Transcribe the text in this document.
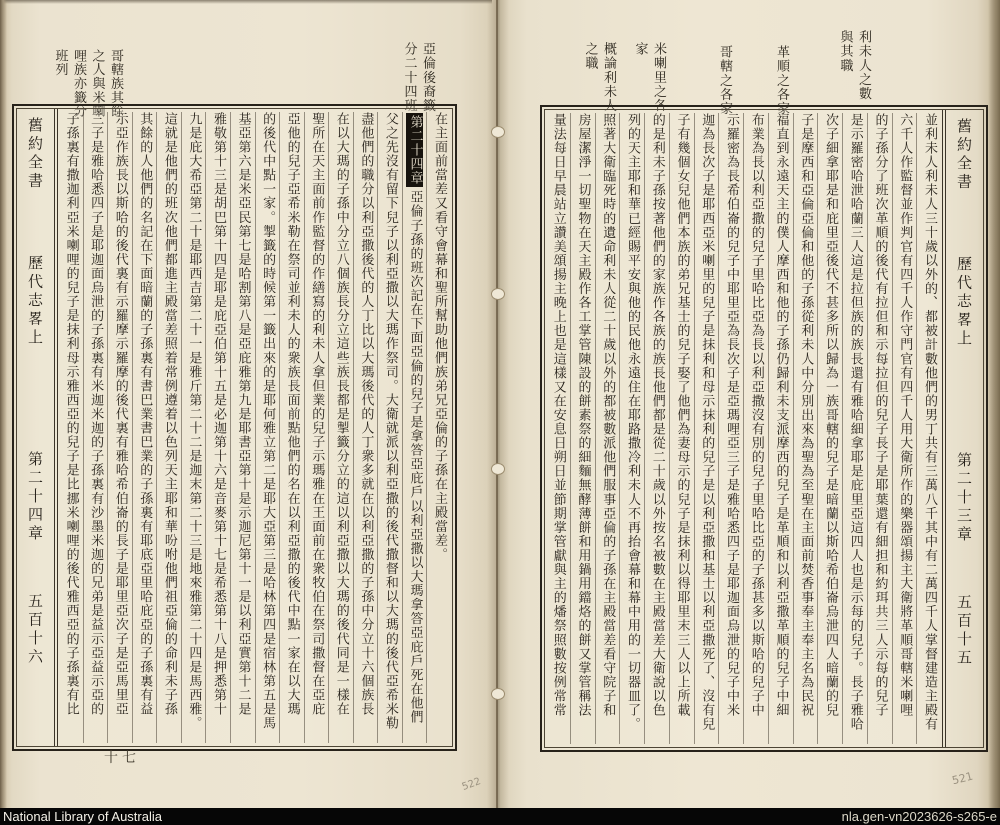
亞倫後裔籤分二十四班
哥轄族其餘之人與米喇哩族亦籤分班列
舊約全書
歷代志畧上
第二十四章
五百十六
在主面前當差又看守會幕和聖所幫助他們族弟兄亞倫的子孫在主殿當差。
第二十四章亞倫子孫的班次記在下面亞倫的兒子是拿答亞庇戶以利亞撒以大瑪拿答亞庇戶死在他們
父之先沒有留下兒子以利亞撒以大瑪作祭司。大衛就派以利亞撒的後代撒督和以大瑪的後代亞希米勒
盡他們的職分以利亞撒後代的人丁比以大瑪後代的人丁衆多就在以利亞撒的子孫中分立十六個族長
在以大瑪的子孫中分立八個族長分立這些族長都是掣籤分立的這以利亞撒以大瑪的後代同是一樣在
聖所在天主面前作監督的作繕寫的利未人拿但業的兒子示瑪雅在王面前在衆牧伯在祭司撒督在亞庇
亞他的兒子亞希米勒在祭司並利未人的衆族長面前點他們的名在以利亞撒的後代中點一家在以大瑪
的後代中點一家。掣籤的時候第一籤出來的是耶何雅立第二是耶大亞第三是哈林第四是宿林第五是馬
基亞第六是米亞民第七是哈割第八是亞庇雅第九是耶書亞第十是示迦尼第十一是以利亞實第十二是
雅敬第十三是胡巴第十四是耶是庇亞伯第十五是必迦第十六是音麥第十七是希悉第十八是押悉第十
九是庇大希亞第二十是耶西吉第二十一是雅斤第二十二是迦末第二十三是地來雅第二十四是馬西雅。
這就是他們的班次他們都進主殿當差照着常例遵着以色列天主耶和華吩咐他們祖亞倫的命利未子孫
其餘的人他們的名記在下面暗蘭的子孫裏有書巴業書巴業的子孫裏有耶底亞里哈庇亞的子孫裏有益
示亞作族長以斯哈的後代裏有示羅摩示羅摩的後代裏有雅哈希伯崙的長子是耶里亞次子是亞馬里亞
三子是雅哈悉四子是耶迦面烏泄的子孫裏有米迦米迦的子孫裏有沙墨米迦的兄弟是益示亞益示亞的
子孫裏有撒迦利亞米喇哩的兒子是抹利母示雅西亞的兒子是比挪米喇哩的後代雅西亞的子孫裏有比
十七
522
利未人之數與其職
革順之各家
哥轄之各家
米喇里之各家
概論利未人之職
並利未人利未人三十歲以外的、都被計數他們的男丁共有三萬八千其中有二萬四千人掌督建造主殿有
六千人作監督並作判官有四千人作守門官有四千人用大衛所作的樂器頌揚主大衛將革順哥轄米喇哩
的子孫分了班次革順的後代有拉但和示每拉但的兒子長子是耶葉還有細担和約珥共三人示每的兒子
是示羅密哈泄哈蘭三人這是拉但族的族長還有雅哈細拿耶是庇里亞這四人也是示每的兒子。長子雅哈
次子細拿耶是和庇里亞後代不甚多所以歸為一族哥轄的兒子是暗蘭以斯哈希伯崙烏泄四人暗蘭的兒
子是摩西和亞倫亞倫和他的子孫從利未人中分別出來為聖為至聖在主面前焚香事奉主奉主名為民祝
福直到永遠天主的僕人摩西和他的子孫仍歸利未支派摩西的兒子是革順和以利亞撒革順的兒子中細
布業為長以利亞撒的兒子里哈比亞為長以利亞撒沒有別的兒子里哈比亞的子孫甚多以斯哈的兒子中
示羅密為長希伯崙的兒子中耶里亞為長次子是亞瑪哩亞三子是雅哈悉四子是耶迦面烏泄的兒子中米
迦為長次子是耶西亞米喇里的兒子是抹利和母示抹利的兒子是以利亞撒和基士以利亞撒死了、沒有兒
子有幾個女兒他們本族的弟兄基士的兒子娶了他們為妻母示的兒子是抹利以得耶里末三人以上所載
的是利未子孫按著他們的家族作各族的族長他們都是從二十歲以外按名被數在主殿當差大衛說以色
列的天主耶和華已經賜平安與他的民他永遠住在耶路撒冷利未人不再抬會幕和幕中用的一切器皿了。
照著大衛臨死時的遺命利未人從二十歲以外的都被數派他們服事亞倫的子孫在主殿當差看守院子和
房屋潔淨一切聖物在天主殿作各工掌管陳設的餅素祭的細麵無酵薄餅和用鍋用鐺烙的餅又掌管稱法
量法每日早晨站立讚美頌揚主晚上也是這樣又在安息日朔日並節期掌管獻與主的燔祭照數按例常常	舊約全書
歷代志畧上
第二十三章
五百十五
521
National Library of Australia	nla.gen-vn2023626-s265-e
